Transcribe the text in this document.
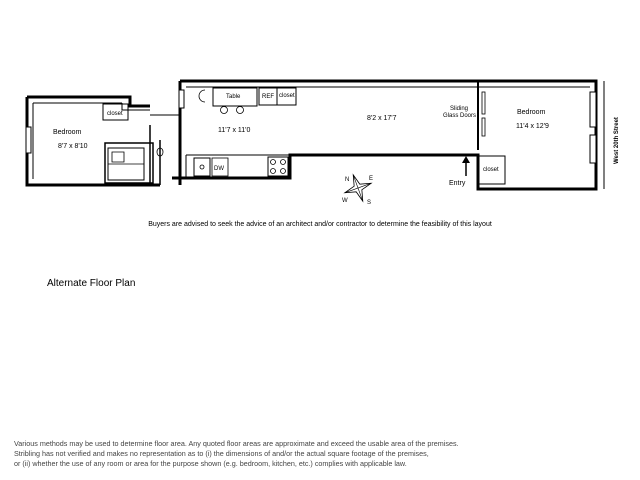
N	E
W	S
closet
Bedroom
8'7 x 8'10
Table	REF closet
11'7 x 11'0
DW
8'2 x 17'7
Sliding
Glass Doors	Bedroom
11'4 x 12'9
closet
Entry
West 20th Street
Buyers are advised to seek the advice of an architect and/or contractor to determine the feasibility of this layout
Alternate Floor Plan
Various methods may be used to determine floor area. Any quoted floor areas are approximate and exceed the usable area of the premises.
Stribling has not verified and makes no representation as to (i) the dimensions of and/or the actual square footage of the premises,
or (ii) whether the use of any room or area for the purpose shown (e.g. bedroom, kitchen, etc.) complies with applicable law.
